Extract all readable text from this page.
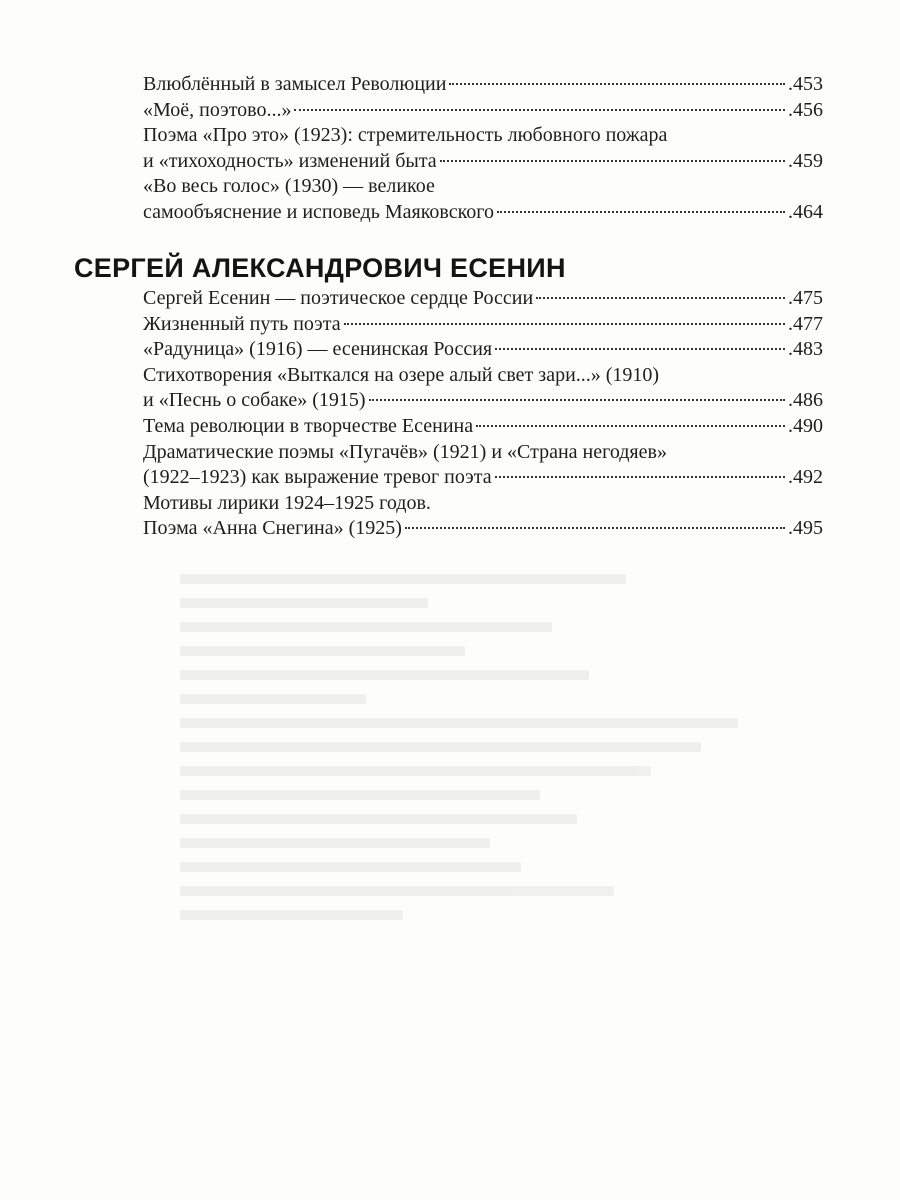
Влюблённый в замысел Революции	.453
«Моё, поэтово...»	.456
Поэма «Про это» (1923): стремительность любовного пожара
и «тихоходность» изменений быта	.459
«Во весь голос» (1930) — великое
самообъяснение и исповедь Маяковского	.464
СЕРГЕЙ АЛЕКСАНДРОВИЧ ЕСЕНИН
Сергей Есенин — поэтическое сердце России	.475
Жизненный путь поэта	.477
«Радуница» (1916) — есенинская Россия	.483
Стихотворения «Выткался на озере алый свет зари...» (1910)
и «Песнь о собаке» (1915)	.486
Тема революции в творчестве Есенина	.490
Драматические поэмы «Пугачёв» (1921) и «Страна негодяев»
(1922–1923) как выражение тревог поэта	.492
Мотивы лирики 1924–1925 годов.
Поэма «Анна Снегина» (1925)	.495
